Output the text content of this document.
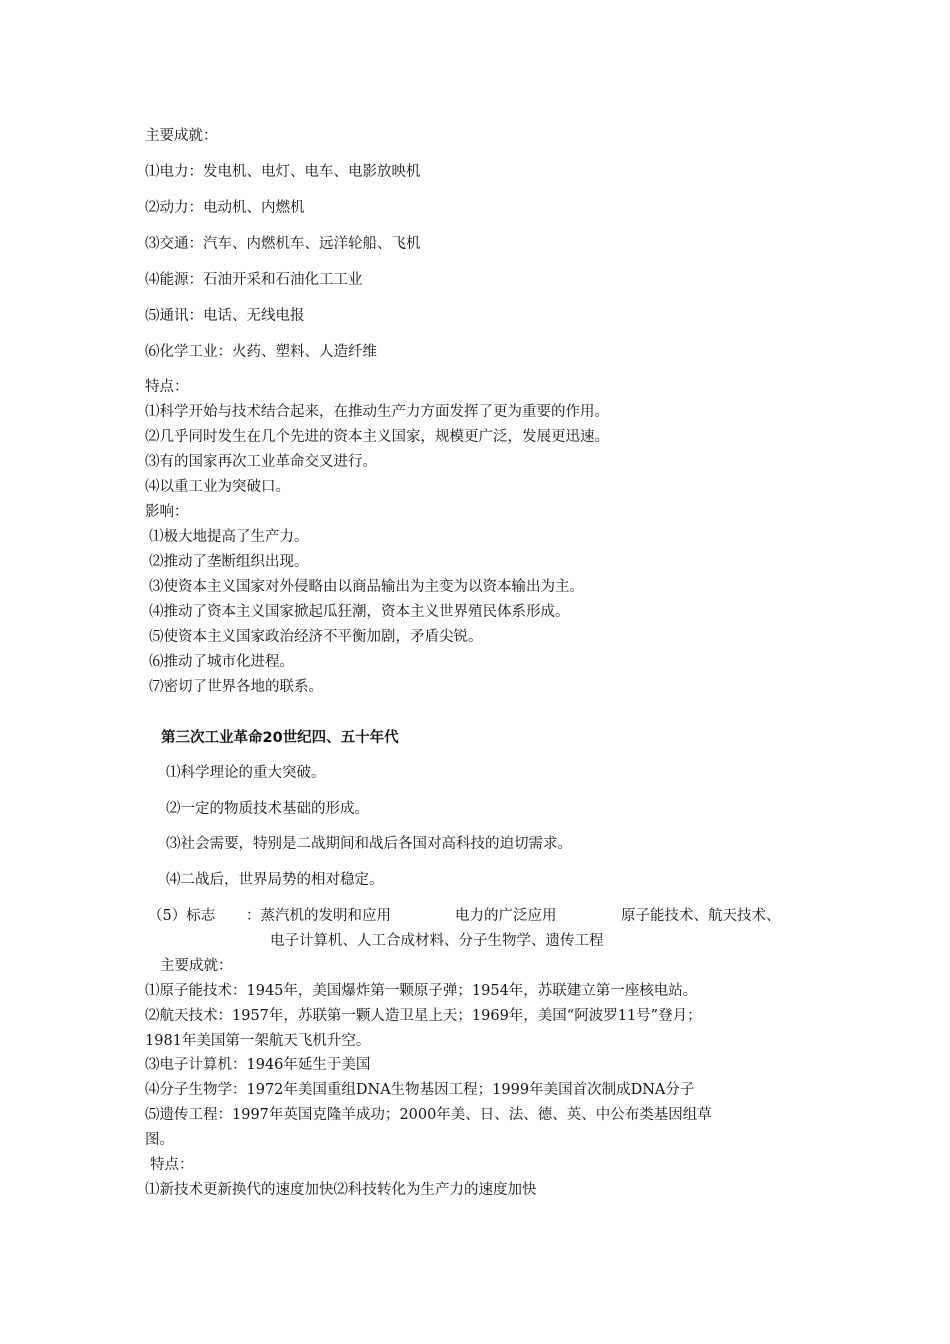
主要成就：
⑴电力：发电机、电灯、电车、电影放映机
⑵动力：电动机、内燃机
⑶交通：汽车、内燃机车、远洋轮船、飞机
⑷能源：石油开采和石油化工工业
⑸通讯：电话、无线电报
⑹化学工业：火药、塑料、人造纤维
特点：
⑴科学开始与技术结合起来，在推动生产力方面发挥了更为重要的作用。
⑵几乎同时发生在几个先进的资本主义国家，规模更广泛，发展更迅速。
⑶有的国家再次工业革命交叉进行。
⑷以重工业为突破口。
影响：
⑴极大地提高了生产力。
⑵推动了垄断组织出现。
⑶使资本主义国家对外侵略由以商品输出为主变为以资本输出为主。
⑷推动了资本主义国家掀起瓜狂潮，资本主义世界殖民体系形成。
⑸使资本主义国家政治经济不平衡加剧，矛盾尖锐。
⑹推动了城市化进程。
⑺密切了世界各地的联系。
第三次工业革命20世纪四、五十年代
⑴科学理论的重大突破。
⑵一定的物质技术基础的形成。
⑶社会需要，特别是二战期间和战后各国对高科技的迫切需求。
⑷二战后，世界局势的相对稳定。
（5）标志 ：蒸汽机的发明和应用	电力的广泛应用	原子能技术、航天技术、
电子计算机、人工合成材料、分子生物学、遗传工程
主要成就：
⑴原子能技术：1945年，美国爆炸第一颗原子弹；1954年，苏联建立第一座核电站。
⑵航天技术：1957年，苏联第一颗人造卫星上天；1969年，美国“阿波罗11号”登月；
1981年美国第一架航天飞机升空。
⑶电子计算机：1946年延生于美国
⑷分子生物学：1972年美国重组DNA生物基因工程；1999年美国首次制成DNA分子
⑸遗传工程：1997年英国克隆羊成功；2000年美、日、法、德、英、中公布类基因组草
图。
特点：
⑴新技术更新换代的速度加快⑵科技转化为生产力的速度加快
